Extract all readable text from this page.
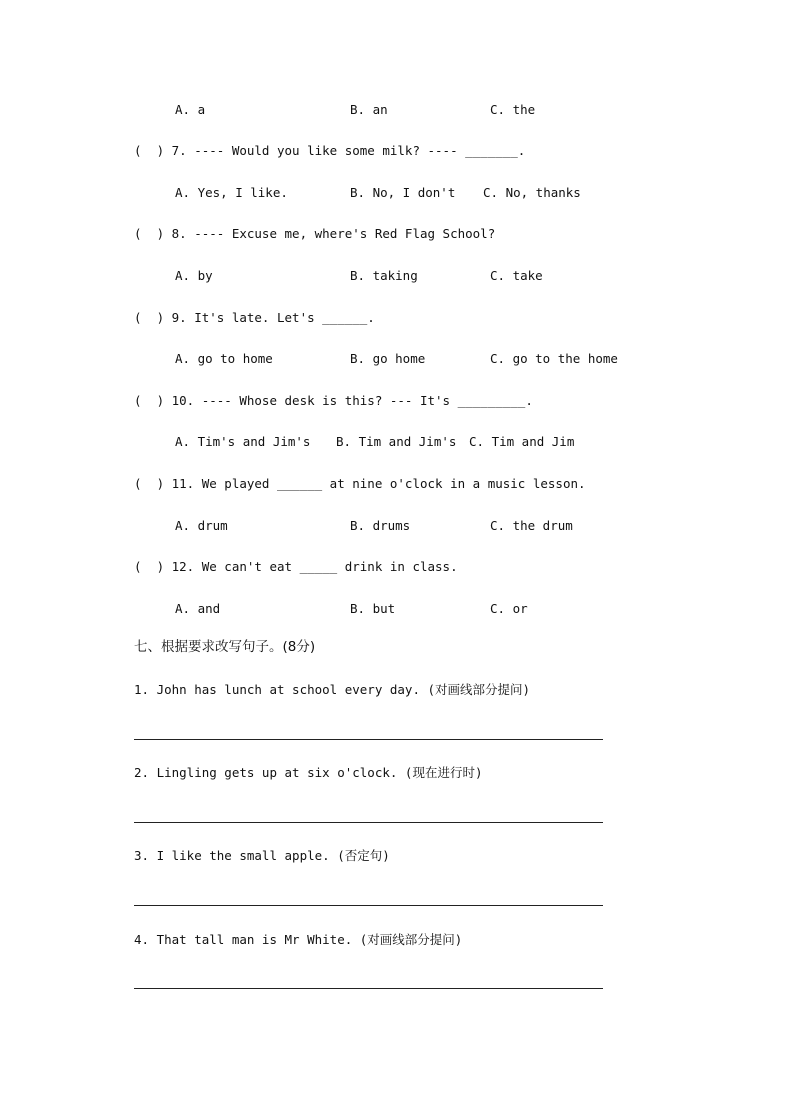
A. a	B. an	C. the
(  ) 7. ---- Would you like some milk? ---- _______.
A. Yes, I like.	B. No, I don't C. No, thanks
(  ) 8. ---- Excuse me, where's Red Flag School?
A. by	B. taking	C. take
(  ) 9. It's late. Let's ______.
A. go to home	B. go home	C. go to the home
(  ) 10. ---- Whose desk is this? --- It's _________.
A. Tim's and Jim's B. Tim and Jim's C. Tim and Jim
(  ) 11. We played ______ at nine o'clock in a music lesson.
A. drum	B. drums	C. the drum
(  ) 12. We can't eat _____ drink in class.
A. and	B. but	C. or
七、根据要求改写句子。(8分)
1. John has lunch at school every day. (对画线部分提问)
2. Lingling gets up at six o'clock. (现在进行时)
3. I like the small apple. (否定句)
4. That tall man is Mr White. (对画线部分提问)
